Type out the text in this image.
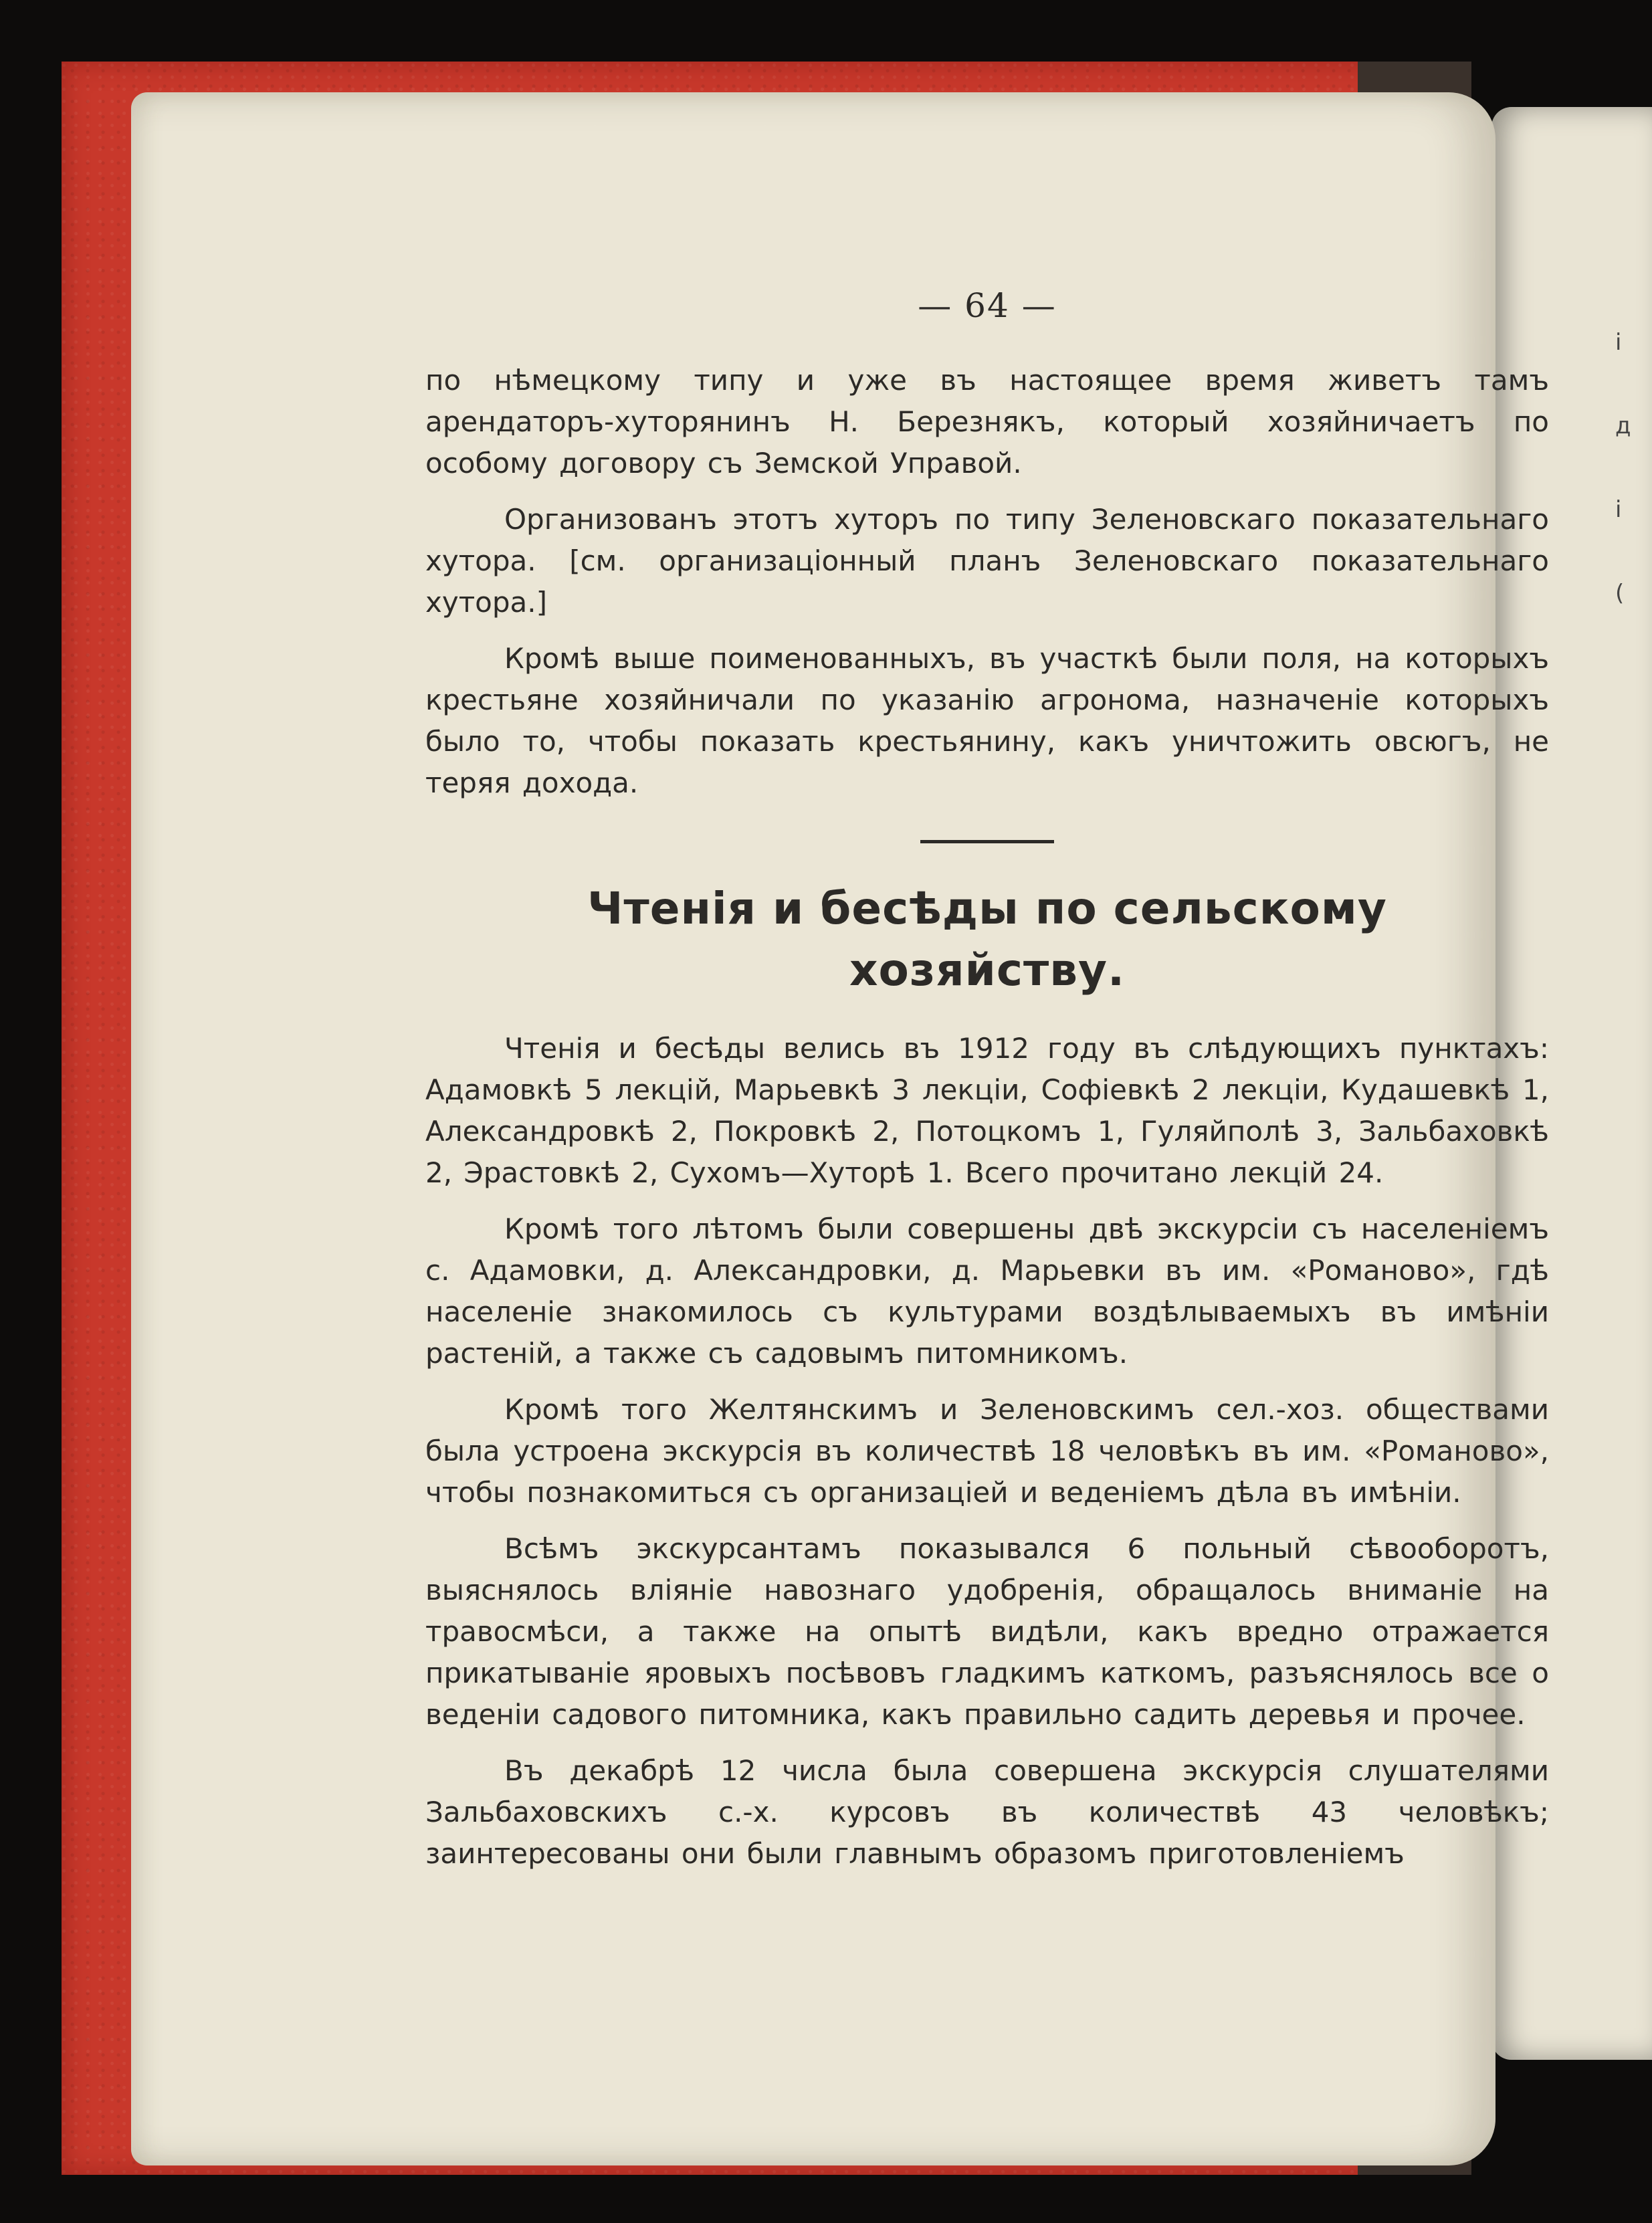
і
д
і
(
— 64 —

по нѣмецкому типу и уже въ настоящее время живетъ тамъ арендаторъ-хуторянинъ Н. Березнякъ, который хозяйничаетъ по особому договору съ Земской Управой.

Организованъ этотъ хуторъ по типу Зеленовскаго показательнаго хутора. [см. организаціонный планъ Зеленовскаго показательнаго хутора.]

Кромѣ выше поименованныхъ, въ участкѣ были поля, на которыхъ крестьяне хозяйничали по указанію агронома, назначеніе которыхъ было то, чтобы показать крестьянину, какъ уничтожить овсюгъ, не теряя дохода.

Чтенія и бесѣды по сельскому
хозяйству.

Чтенія и бесѣды велись въ 1912 году въ слѣдующихъ пунктахъ: Адамовкѣ 5 лекцій, Марьевкѣ 3 лекціи, Софіевкѣ 2 лекціи, Кудашевкѣ 1, Александровкѣ 2, Покровкѣ 2, Потоцкомъ 1, Гуляйполѣ 3, Зальбаховкѣ 2, Эрастовкѣ 2, Сухомъ—Хуторѣ 1. Всего прочитано лекцій 24.

Кромѣ того лѣтомъ были совершены двѣ экскурсіи съ населеніемъ с. Адамовки, д. Александровки, д. Марьевки въ им. «Романово», гдѣ населеніе знакомилось съ культурами воздѣлываемыхъ въ имѣніи растеній, а также съ садовымъ питомникомъ.

Кромѣ того Желтянскимъ и Зеленовскимъ сел.-хоз. обществами была устроена экскурсія въ количествѣ 18 человѣкъ въ им. «Романово», чтобы познакомиться съ организаціей и веденіемъ дѣла въ имѣніи.

Всѣмъ экскурсантамъ показывался 6 польный сѣвооборотъ, выяснялось вліяніе навознаго удобренія, обращалось вниманіе на травосмѣси, а также на опытѣ видѣли, какъ вредно отражается прикатываніе яровыхъ посѣвовъ гладкимъ каткомъ, разъяснялось все о веденіи садового питомника, какъ правильно садить деревья и прочее.

Въ декабрѣ 12 числа была совершена экскурсія слушателями Зальбаховскихъ с.-х. курсовъ въ количествѣ 43 человѣкъ; заинтересованы они были главнымъ образомъ приготовленіемъ
